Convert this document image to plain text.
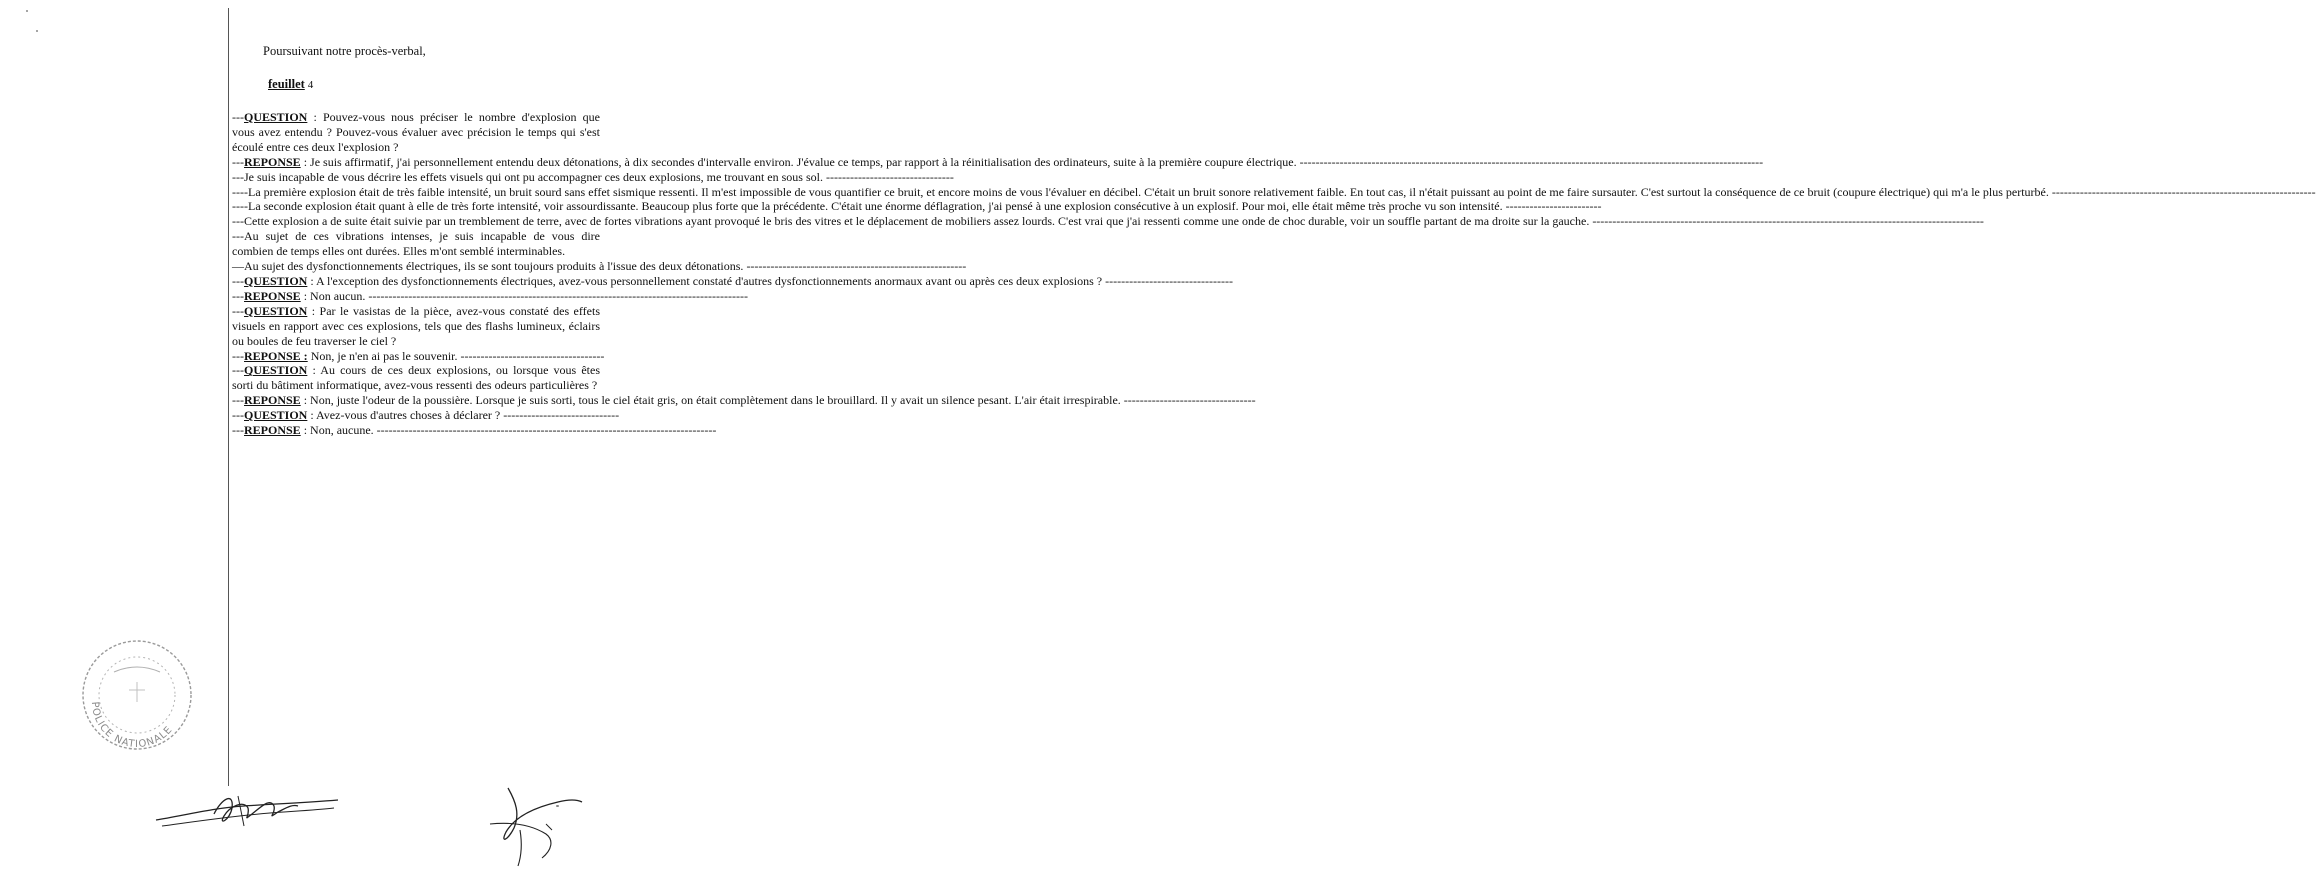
Poursuivant notre procès-verbal,
feuillet 4

---QUESTION : Pouvez-vous nous préciser le nombre d'explosion que vous avez entendu ? Pouvez-vous évaluer avec précision le temps qui s'est écoulé entre ces deux l'explosion ?

---REPONSE : Je suis affirmatif, j'ai personnellement entendu deux détonations, à dix secondes d'intervalle environ. J'évalue ce temps, par rapport à la réinitialisation des ordinateurs, suite à la première coupure électrique. --------------------------------------------------------------------------------------------------------------------

---Je suis incapable de vous décrire les effets visuels qui ont pu accompagner ces deux explosions, me trouvant en sous sol. --------------------------------

----La première explosion était de très faible intensité, un bruit sourd sans effet sismique ressenti. Il m'est impossible de vous quantifier ce bruit, et encore moins de vous l'évaluer en décibel. C'était un bruit sonore relativement faible. En tout cas, il n'était puissant au point de me faire sursauter. C'est surtout la conséquence de ce bruit (coupure électrique) qui m'a le plus perturbé. ------------------------------------------------------------------

----La seconde explosion était quant à elle de très forte intensité, voir assourdissante. Beaucoup plus forte que la précédente. C'était une énorme déflagration, j'ai pensé à une explosion consécutive à un explosif. Pour moi, elle était même très proche vu son intensité. ------------------------

---Cette explosion a de suite était suivie par un tremblement de terre, avec de fortes vibrations ayant provoqué le bris des vitres et le déplacement de mobiliers assez lourds. C'est vrai que j'ai ressenti comme une onde de choc durable, voir un souffle partant de ma droite sur la gauche. --------------------------------------------------------------------------------------------------

---Au sujet de ces vibrations intenses, je suis incapable de vous dire combien de temps elles ont durées. Elles m'ont semblé interminables.

—Au sujet des dysfonctionnements électriques, ils se sont toujours produits à l'issue des deux détonations. -------------------------------------------------------

---QUESTION : A l'exception des dysfonctionnements électriques, avez-vous personnellement constaté d'autres dysfonctionnements anormaux avant ou après ces deux explosions ? --------------------------------

---REPONSE : Non aucun. -----------------------------------------------------------------------------------------------

---QUESTION : Par le vasistas de la pièce, avez-vous constaté des effets visuels en rapport avec ces explosions, tels que des flashs lumineux, éclairs ou boules de feu traverser le ciel ?

---REPONSE : Non, je n'en ai pas le souvenir. ------------------------------------

---QUESTION : Au cours de ces deux explosions, ou lorsque vous êtes sorti du bâtiment informatique, avez-vous ressenti des odeurs particulières ?

---REPONSE : Non, juste l'odeur de la poussière. Lorsque je suis sorti, tous le ciel était gris, on était complètement dans le brouillard. Il y avait un silence pesant. L'air était irrespirable. ---------------------------------

---QUESTION : Avez-vous d'autres choses à déclarer ? -----------------------------

---REPONSE : Non, aucune. -------------------------------------------------------------------------------------

POLICE NATIONALE
